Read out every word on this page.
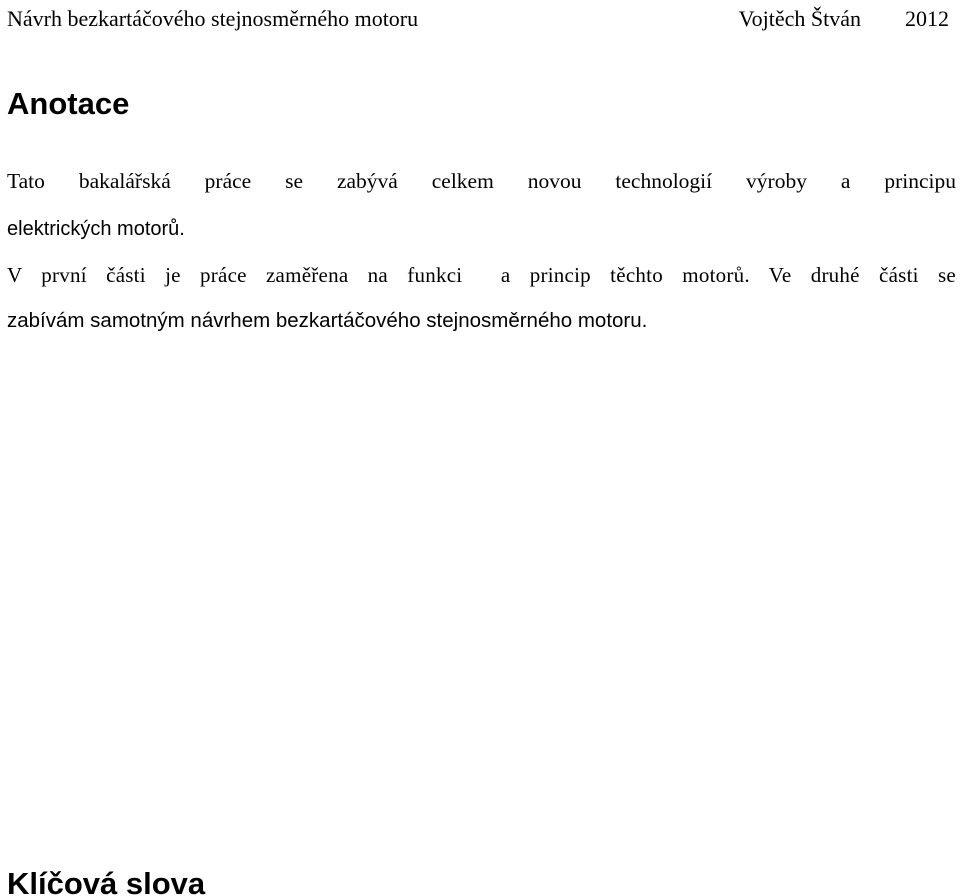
Návrh bezkartáčového stejnosměrného motoru	Vojtěch Štván 2012
Anotace
Tato bakalářská práce se zabývá celkem novou technologií výroby a principu
elektrických motorů.
V první části je práce zaměřena na funkci  a princip těchto motorů. Ve druhé části se
zabívám samotným návrhem bezkartáčového stejnosměrného motoru.
Klíčová slova
